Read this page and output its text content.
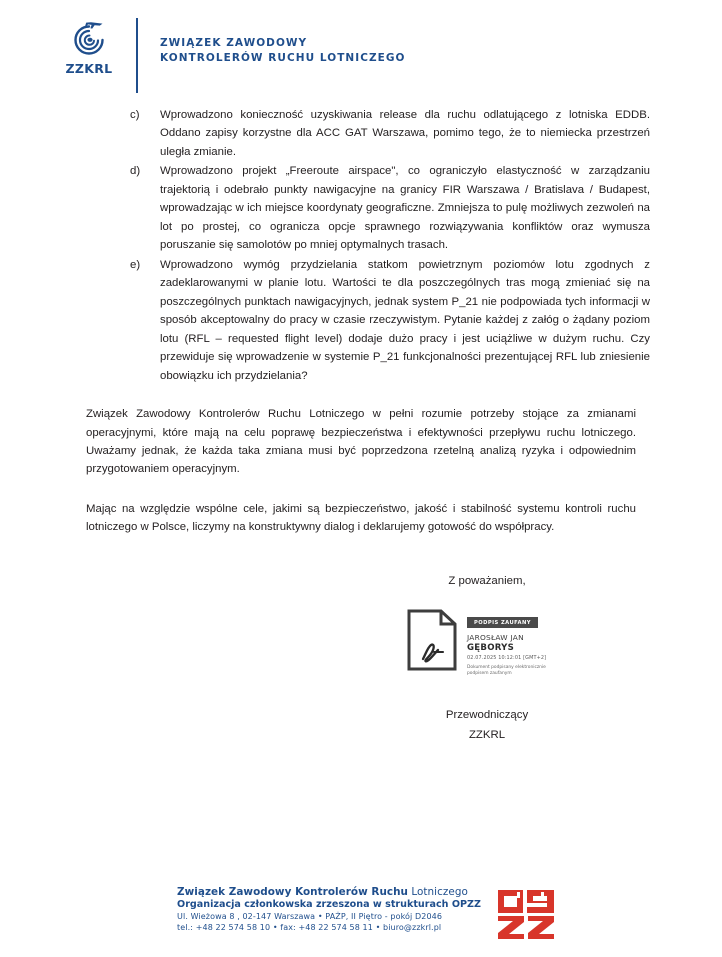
ZZKRL
ZWIĄZEK ZAWODOWY
KONTROLERÓW RUCHU LOTNICZEGO
c)	Wprowadzono konieczność uzyskiwania release dla ruchu odlatującego z lotniska EDDB. Oddano zapisy korzystne dla ACC GAT Warszawa, pomimo tego, że to niemiecka przestrzeń uległa zmianie.
d)	Wprowadzono projekt „Freeroute airspace", co ograniczyło elastyczność w zarządzaniu trajektorią i odebrało punkty nawigacyjne na granicy FIR Warszawa / Bratislava / Budapest, wprowadzając w ich miejsce koordynaty geograficzne. Zmniejsza to pulę możliwych zezwoleń na lot po prostej, co ogranicza opcje sprawnego rozwiązywania konfliktów oraz wymusza poruszanie się samolotów po mniej optymalnych trasach.
e)	Wprowadzono wymóg przydzielania statkom powietrznym poziomów lotu zgodnych z zadeklarowanymi w planie lotu. Wartości te dla poszczególnych tras mogą zmieniać się na poszczególnych punktach nawigacyjnych, jednak system P_21 nie podpowiada tych informacji w sposób akceptowalny do pracy w czasie rzeczywistym. Pytanie każdej z załóg o żądany poziom lotu (RFL – requested flight level) dodaje dużo pracy i jest uciążliwe w dużym ruchu. Czy przewiduje się wprowadzenie w systemie P_21 funkcjonalności prezentującej RFL lub zniesienie obowiązku ich przydzielania?

Związek Zawodowy Kontrolerów Ruchu Lotniczego w pełni rozumie potrzeby stojące za zmianami operacyjnymi, które mają na celu poprawę bezpieczeństwa i efektywności przepływu ruchu lotniczego. Uważamy jednak, że każda taka zmiana musi być poprzedzona rzetelną analizą ryzyka i odpowiednim przygotowaniem operacyjnym.

Mając na względzie wspólne cele, jakimi są bezpieczeństwo, jakość i stabilność systemu kontroli ruchu lotniczego w Polsce, liczymy na konstruktywny dialog i deklarujemy gotowość do współpracy.

Z poważaniem,
PODPIS ZAUFANY
JAROSŁAW JAN
GĘBORYS
02.07.2025 10:12:01 [GMT+2]
Dokument podpisany elektronicznie podpisem zaufanym
Przewodniczący
ZZKRL
Związek Zawodowy Kontrolerów Ruchu Lotniczego
Organizacja członkowska zrzeszona w strukturach OPZZ
Ul. Wieżowa 8 , 02-147 Warszawa • PAŻP, II Piętro - pokój D2046
tel.: +48 22 574 58 10 • fax: +48 22 574 58 11 • biuro@zzkrl.pl
